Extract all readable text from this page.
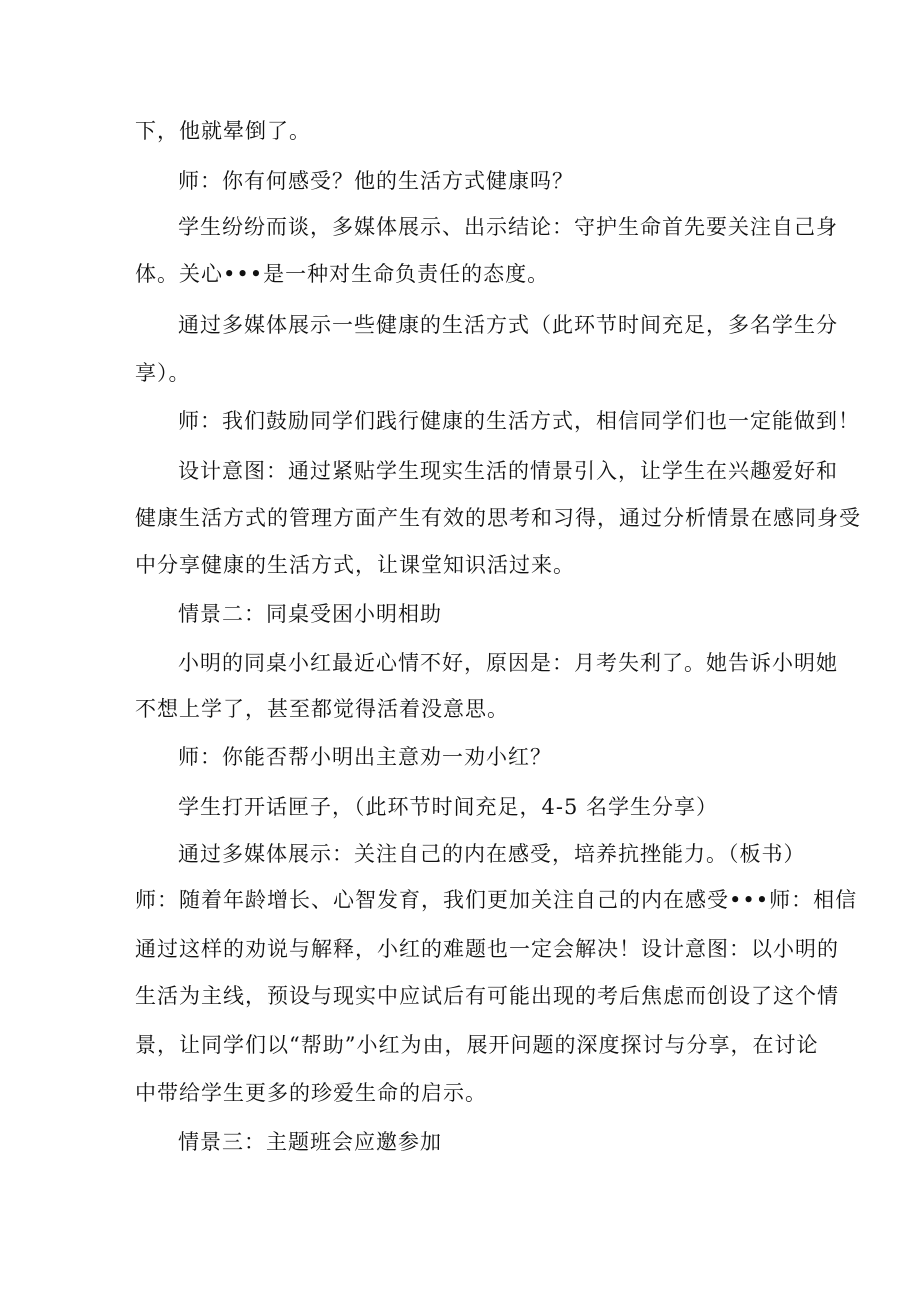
下，他就晕倒了。
师：你有何感受？他的生活方式健康吗？
学生纷纷而谈，多媒体展示、出示结论：守护生命首先要关注自己身
体。关心•••是一种对生命负责任的态度。
通过多媒体展示一些健康的生活方式（此环节时间充足，多名学生分
享）。
师：我们鼓励同学们践行健康的生活方式，相信同学们也一定能做到！
设计意图：通过紧贴学生现实生活的情景引入，让学生在兴趣爱好和
健康生活方式的管理方面产生有效的思考和习得，通过分析情景在感同身受
中分享健康的生活方式，让课堂知识活过来。
情景二：同桌受困小明相助
小明的同桌小红最近心情不好，原因是：月考失利了。她告诉小明她
不想上学了，甚至都觉得活着没意思。
师：你能否帮小明出主意劝一劝小红？
学生打开话匣子，（此环节时间充足，4-5 名学生分享）
通过多媒体展示：关注自己的内在感受，培养抗挫能力。（板书）
师：随着年龄增长、心智发育，我们更加关注自己的内在感受•••师：相信
通过这样的劝说与解释，小红的难题也一定会解决！设计意图：以小明的
生活为主线，预设与现实中应试后有可能出现的考后焦虑而创设了这个情
景，让同学们以“帮助”小红为由，展开问题的深度探讨与分享，在讨论
中带给学生更多的珍爱生命的启示。
情景三：主题班会应邀参加
